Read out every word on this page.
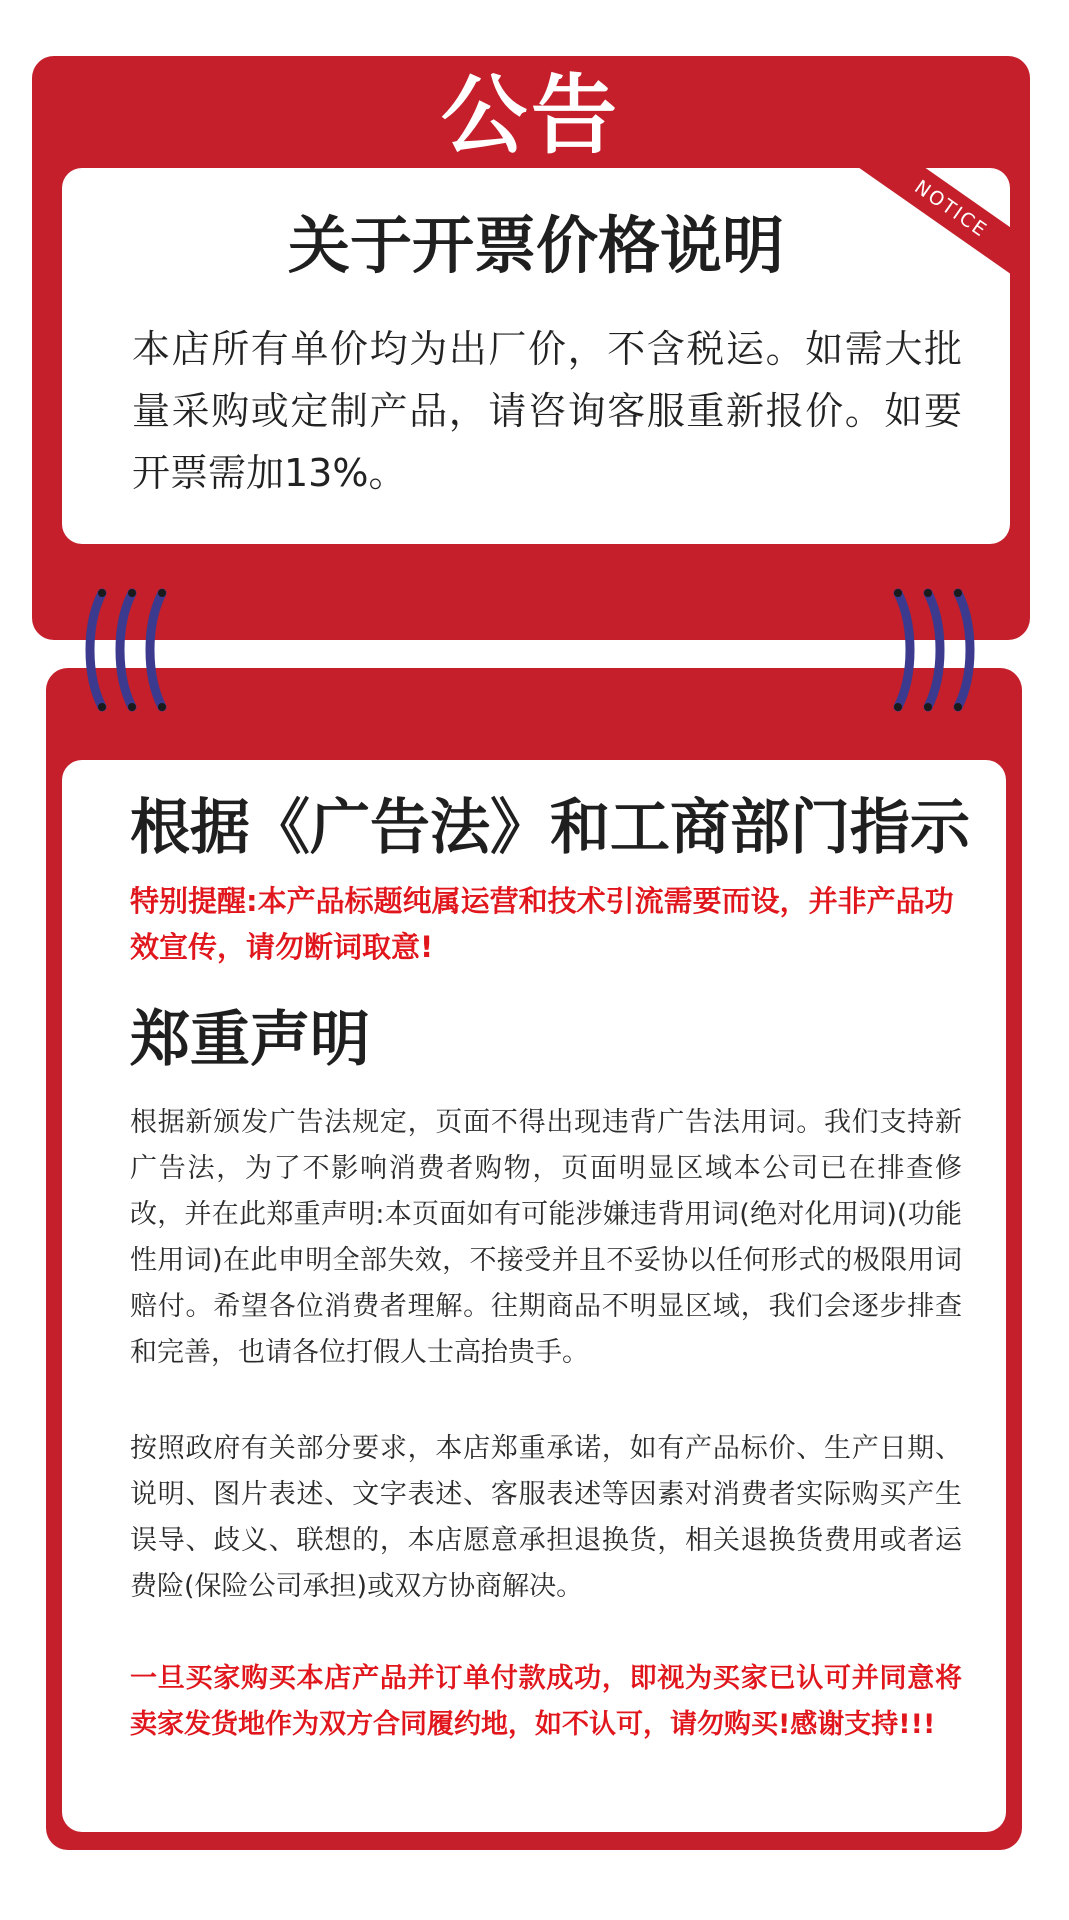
公告
NOTICE
关于开票价格说明
本店所有单价均为出厂价，不含税运。如需大批量采购或定制产品，请咨询客服重新报价。如要开票需加13%。
根据《广告法》和工商部门指示
特别提醒:本产品标题纯属运营和技术引流需要而设，并非产品功效宣传，请勿断词取意!
郑重声明
根据新颁发广告法规定，页面不得出现违背广告法用词。我们支持新广告法，为了不影响消费者购物，页面明显区域本公司已在排查修改，并在此郑重声明:本页面如有可能涉嫌违背用词(绝对化用词)(功能性用词)在此申明全部失效，不接受并且不妥协以任何形式的极限用词赔付。希望各位消费者理解。往期商品不明显区域，我们会逐步排查和完善，也请各位打假人士高抬贵手。
按照政府有关部分要求，本店郑重承诺，如有产品标价、生产日期、说明、图片表述、文字表述、客服表述等因素对消费者实际购买产生误导、歧义、联想的，本店愿意承担退换货，相关退换货费用或者运费险(保险公司承担)或双方协商解决。
一旦买家购买本店产品并订单付款成功，即视为买家已认可并同意将卖家发货地作为双方合同履约地，如不认可，请勿购买!感谢支持!!!
